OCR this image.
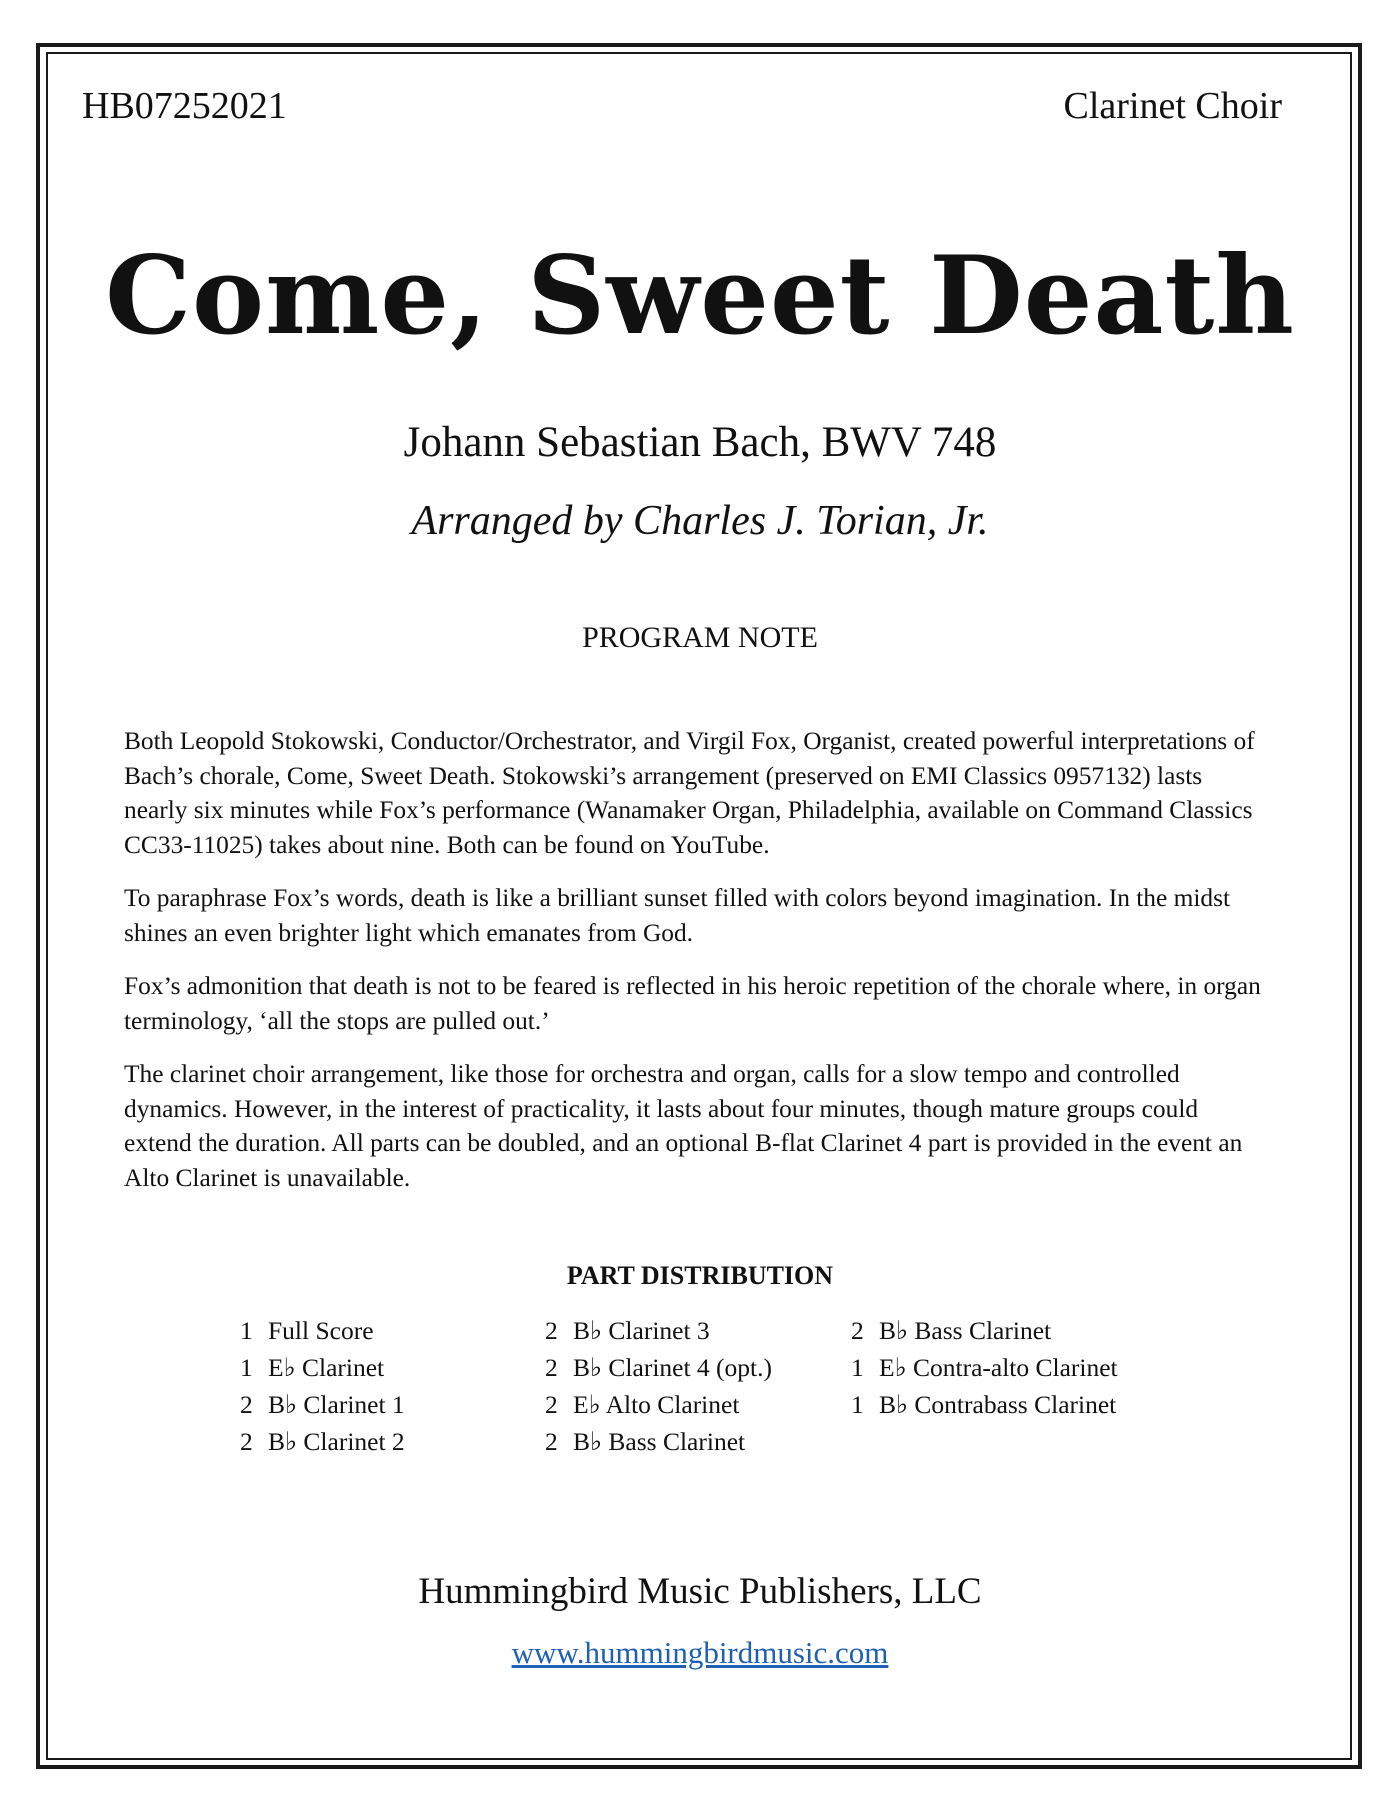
HB07252021	Clarinet Choir
Come, Sweet Death
Johann Sebastian Bach, BWV 748
Arranged by Charles J. Torian, Jr.
PROGRAM NOTE

Both Leopold Stokowski, Conductor/Orchestrator, and Virgil Fox, Organist, created powerful interpretations of Bach’s chorale, Come, Sweet Death. Stokowski’s arrangement (preserved on EMI Classics 0957132) lasts nearly six minutes while Fox’s performance (Wanamaker Organ, Philadelphia, available on Command Classics CC33-11025) takes about nine. Both can be found on YouTube.

To paraphrase Fox’s words, death is like a brilliant sunset filled with colors beyond imagination. In the midst shines an even brighter light which emanates from God.

Fox’s admonition that death is not to be feared is reflected in his heroic repetition of the chorale where, in organ terminology, ‘all the stops are pulled out.’

The clarinet choir arrangement, like those for orchestra and organ, calls for a slow tempo and controlled dynamics. However, in the interest of practicality, it lasts about four minutes, though mature groups could extend the duration. All parts can be doubled, and an optional B-flat Clarinet 4 part is provided in the event an Alto Clarinet is unavailable.

PART DISTRIBUTION
1 Full Score
1 E♭ Clarinet
2 B♭ Clarinet 1
2 B♭ Clarinet 2
2 B♭ Clarinet 3
2 B♭ Clarinet 4 (opt.)
2 E♭ Alto Clarinet
2 B♭ Bass Clarinet
2 B♭ Bass Clarinet
1 E♭ Contra-alto Clarinet
1 B♭ Contrabass Clarinet
Hummingbird Music Publishers, LLC
www.hummingbirdmusic.com
